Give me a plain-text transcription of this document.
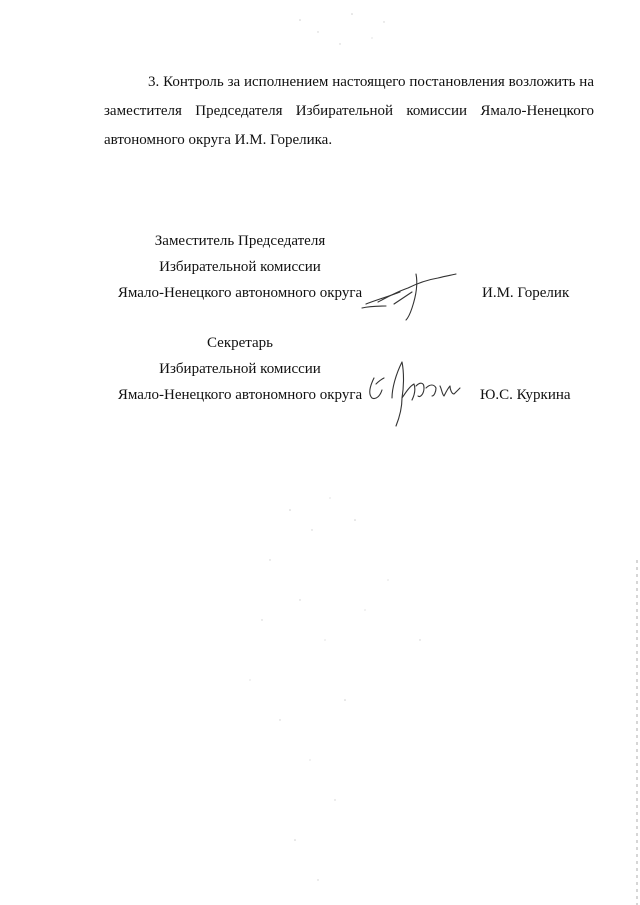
3. Контроль за исполнением настоящего постановления возложить на
заместителя Председателя Избирательной комиссии Ямало-Ненецкого
автономного округа И.М. Горелика.
Заместитель Председателя
Избирательной комиссии
Ямало-Ненецкого автономного округа	И.М. Горелик
Секретарь
Избирательной комиссии
Ямало-Ненецкого автономного округа	Ю.С. Куркина
